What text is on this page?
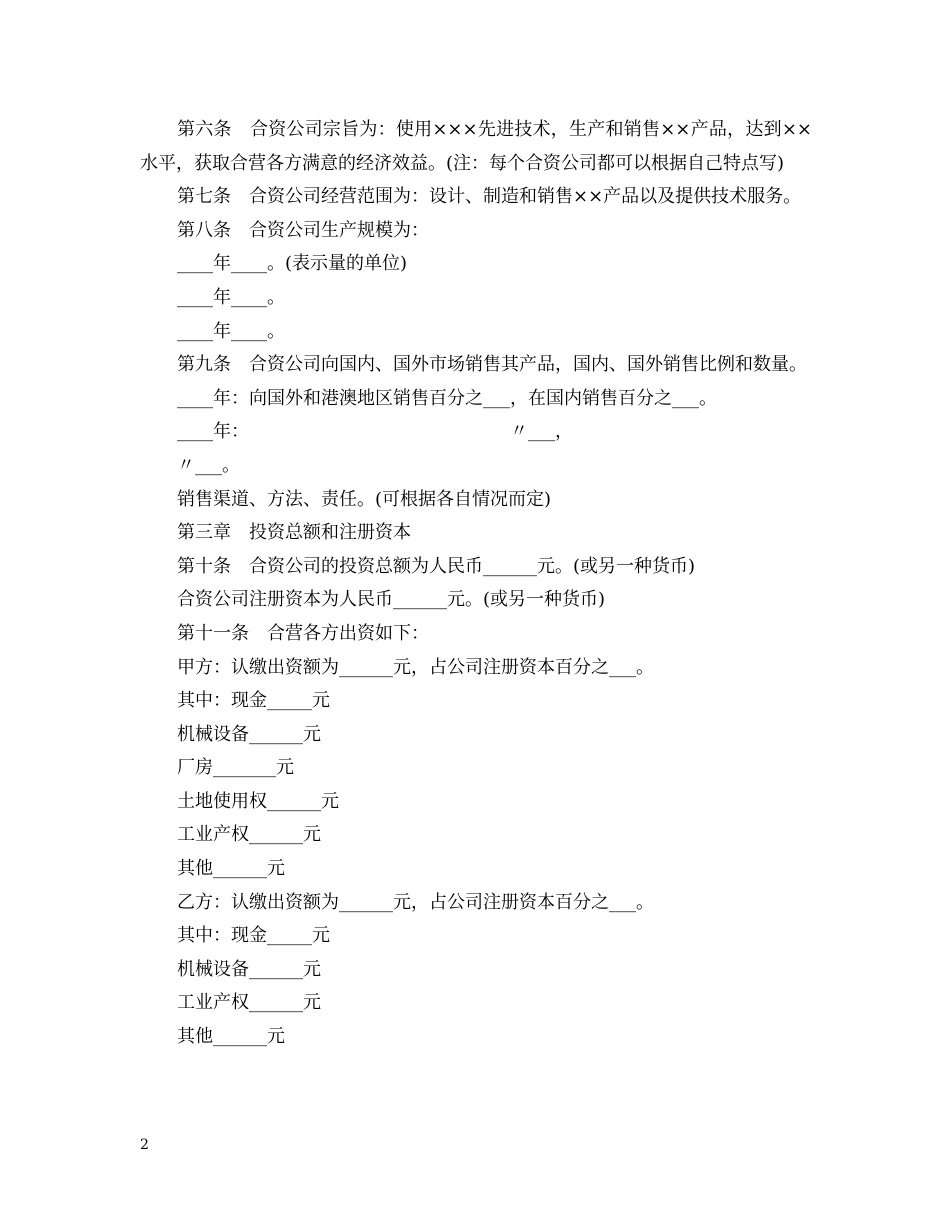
第六条　合资公司宗旨为：使用×××先进技术，生产和销售××产品，达到××水平，获取合营各方满意的经济效益。(注：每个合资公司都可以根据自己特点写)
第七条　合资公司经营范围为：设计、制造和销售××产品以及提供技术服务。
第八条　合资公司生产规模为：
____年____。(表示量的单位)
____年____。
____年____。
第九条　合资公司向国内、国外市场销售其产品，国内、国外销售比例和数量。
____年：向国外和港澳地区销售百分之___，在国内销售百分之___。
____年：　　　　　　　　　　　　　　　〃___，
〃___。
销售渠道、方法、责任。(可根据各自情况而定)
第三章　投资总额和注册资本
第十条　合资公司的投资总额为人民币______元。(或另一种货币)
合资公司注册资本为人民币______元。(或另一种货币)
第十一条　合营各方出资如下：
甲方：认缴出资额为______元，占公司注册资本百分之___。
其中：现金_____元
机械设备______元
厂房_______元
土地使用权______元
工业产权______元
其他______元
乙方：认缴出资额为______元，占公司注册资本百分之___。
其中：现金_____元
机械设备______元
工业产权______元
其他______元
2
